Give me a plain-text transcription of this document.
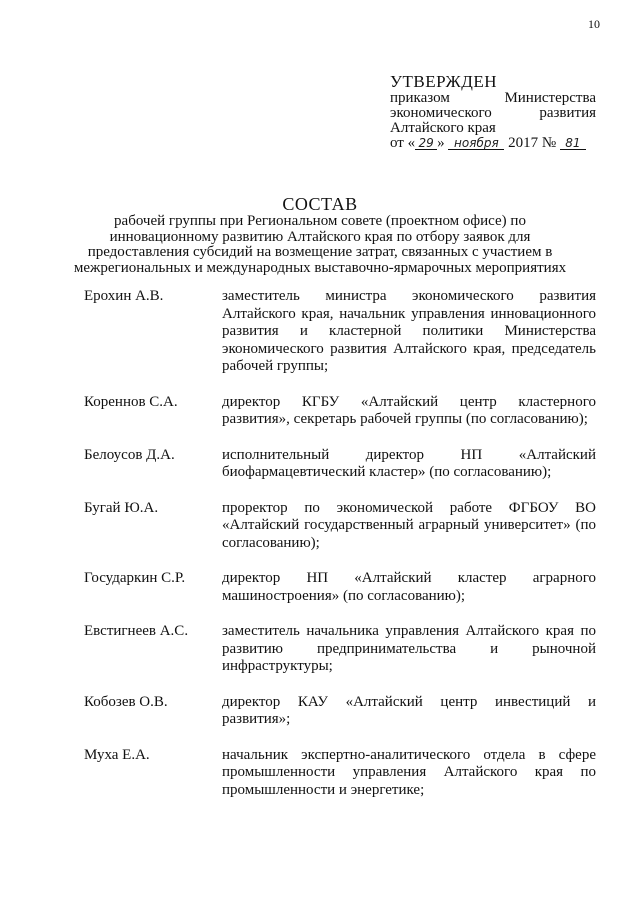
10
УТВЕРЖДЕН
приказом Министерства
экономического развития
Алтайского края
от « 29 » ноября 2017 № 81
СОСТАВ
рабочей группы при Региональном совете (проектном офисе) по инновационному развитию Алтайского края по отбору заявок для предоставления субсидий на возмещение затрат, связанных с участием в межрегиональных и международных выставочно-ярмарочных мероприятиях
Ерохин А.В.	заместитель министра экономического развития Алтайского края, начальник управления инновационного развития и кластерной политики Министерства экономического развития Алтайского края, председатель рабочей группы;
Кореннов С.А.	директор КГБУ «Алтайский центр кластерного развития», секретарь рабочей группы (по согласованию);
Белоусов Д.А.	исполнительный директор НП «Алтайский биофармацевтический кластер» (по согласованию);
Бугай Ю.А.	проректор по экономической работе ФГБОУ ВО «Алтайский государственный аграрный университет» (по согласованию);
Государкин С.Р.	директор НП «Алтайский кластер аграрного машиностроения» (по согласованию);
Евстигнеев А.С.	заместитель начальника управления Алтайского края по развитию предпринимательства и рыночной инфраструктуры;
Кобозев О.В.	директор КАУ «Алтайский центр инвестиций и развития»;
Муха Е.А.	начальник экспертно-аналитического отдела в сфере промышленности управления Алтайского края по промышленности и энергетике;
